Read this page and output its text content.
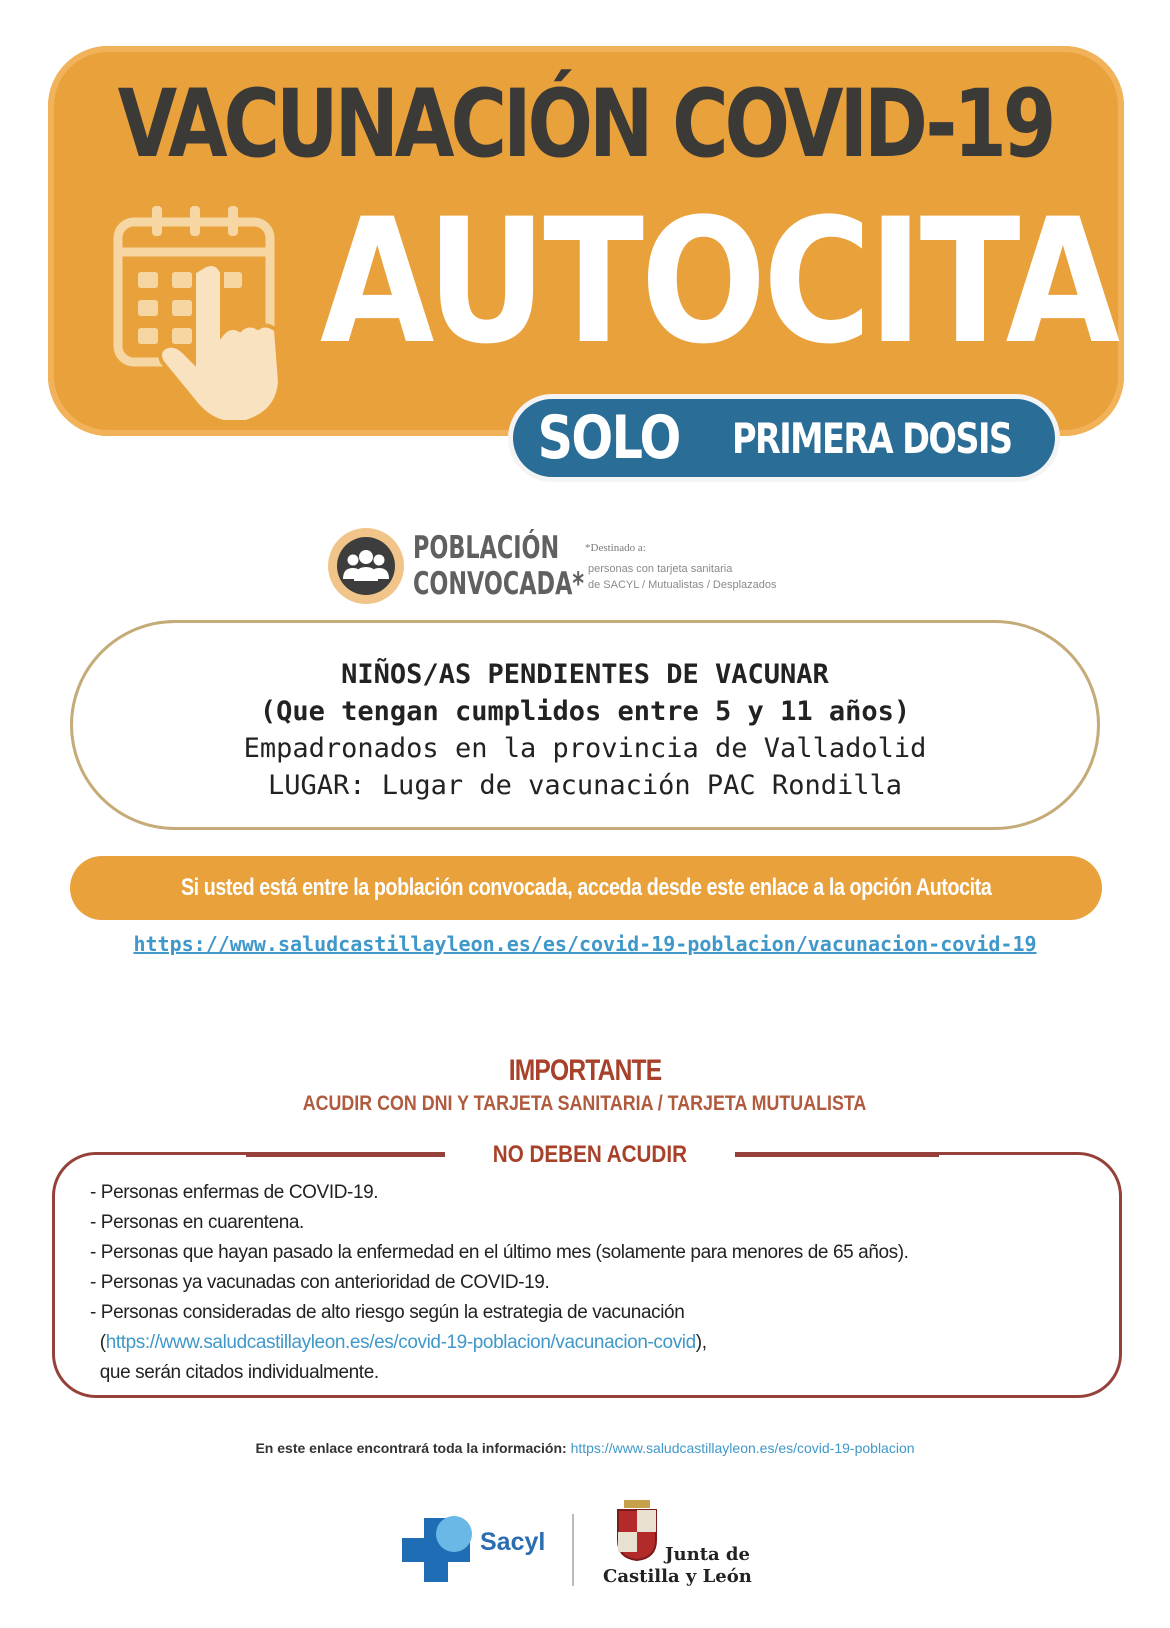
VACUNACIÓN COVID-19
AUTOCITA
SOLO PRIMERA DOSIS
POBLACIÓN
CONVOCADA*
*Destinado a:
personas con tarjeta sanitaria
de SACYL / Mutualistas / Desplazados
NIÑOS/AS PENDIENTES DE VACUNAR
(Que tengan cumplidos entre 5 y 11 años)
Empadronados en la provincia de Valladolid
LUGAR: Lugar de vacunación PAC Rondilla
Si usted está entre la población convocada, acceda desde este enlace a la opción Autocita
https://www.saludcastillayleon.es/es/covid-19-poblacion/vacunacion-covid-19
IMPORTANTE
ACUDIR CON DNI Y TARJETA SANITARIA / TARJETA MUTUALISTA
NO DEBEN ACUDIR
- Personas enfermas de COVID-19.
- Personas en cuarentena.
- Personas que hayan pasado la enfermedad en el último mes (solamente para menores de 65 años).
- Personas ya vacunadas con anterioridad de COVID-19.
- Personas consideradas de alto riesgo según la estrategia de vacunación
(https://www.saludcastillayleon.es/es/covid-19-poblacion/vacunacion-covid),
que serán citados individualmente.
En este enlace encontrará toda la información: https://www.saludcastillayleon.es/es/covid-19-poblacion
Sacyl	Junta de
Castilla y León
